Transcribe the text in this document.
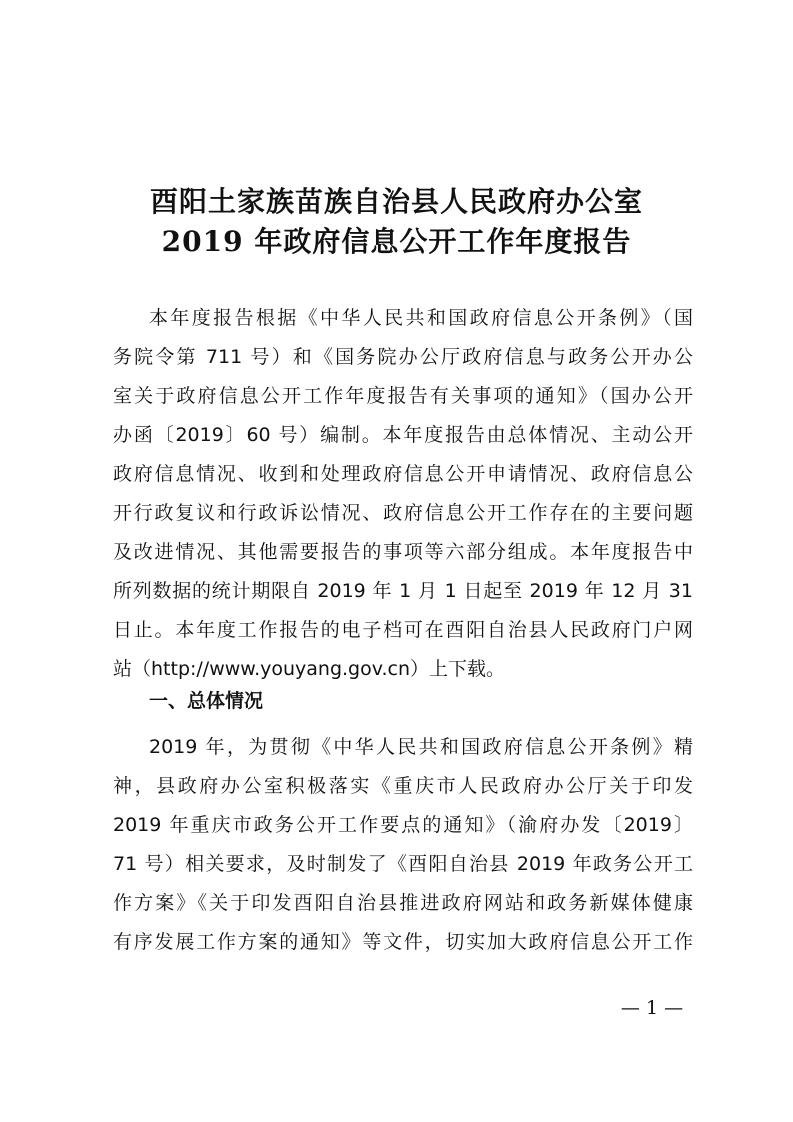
酉阳土家族苗族自治县人民政府办公室
2019 年政府信息公开工作年度报告
本年度报告根据《中华人民共和国政府信息公开条例》（国
务院令第 711 号）和《国务院办公厅政府信息与政务公开办公
室关于政府信息公开工作年度报告有关事项的通知》（国办公开
办函〔2019〕60 号）编制。本年度报告由总体情况、主动公开
政府信息情况、收到和处理政府信息公开申请情况、政府信息公
开行政复议和行政诉讼情况、政府信息公开工作存在的主要问题
及改进情况、其他需要报告的事项等六部分组成。本年度报告中
所列数据的统计期限自 2019 年 1 月 1 日起至 2019 年 12 月 31
日止。本年度工作报告的电子档可在酉阳自治县人民政府门户网
站（http://www.youyang.gov.cn）上下载。
一、总体情况
2019 年，为贯彻《中华人民共和国政府信息公开条例》精
神，县政府办公室积极落实《重庆市人民政府办公厅关于印发
2019 年重庆市政务公开工作要点的通知》（渝府办发〔2019〕
71 号）相关要求，及时制发了《酉阳自治县 2019 年政务公开工
作方案》《关于印发酉阳自治县推进政府网站和政务新媒体健康
有序发展工作方案的通知》等文件，切实加大政府信息公开工作
— 1 —
